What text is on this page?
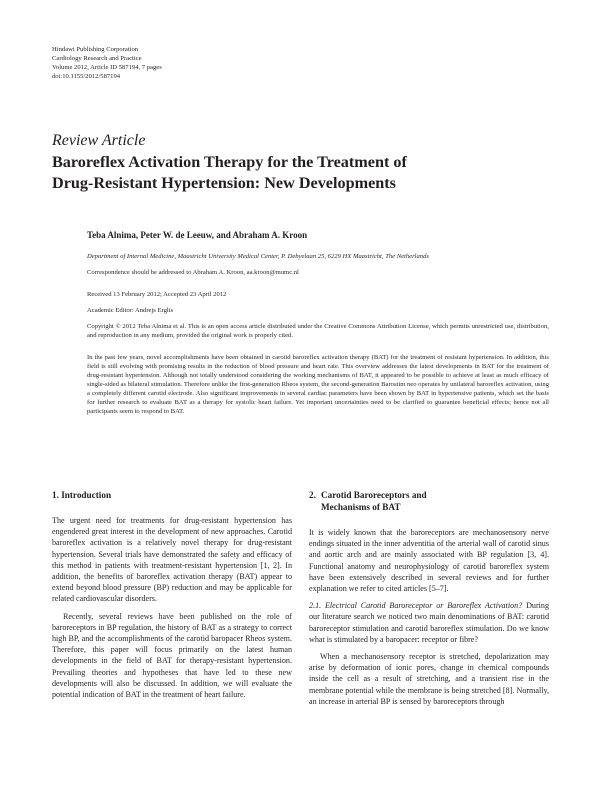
Hindawi Publishing Corporation
Cardiology Research and Practice
Volume 2012, Article ID 587194, 7 pages
doi:10.1155/2012/587194
Review Article
Baroreflex Activation Therapy for the Treatment of
Drug-Resistant Hypertension: New Developments
Teba Alnima, Peter W. de Leeuw, and Abraham A. Kroon
Department of Internal Medicine, Maastricht University Medical Center, P. Debyelaan 25, 6229 HX Maastricht, The Netherlands
Correspondence should be addressed to Abraham A. Kroon, aa.kroon@mumc.nl
Received 13 February 2012; Accepted 23 April 2012
Academic Editor: Andrejs Erglis
Copyright © 2012 Teba Alnima et al. This is an open access article distributed under the Creative Commons Attribution License, which permits unrestricted use, distribution, and reproduction in any medium, provided the original work is properly cited.
In the past few years, novel accomplishments have been obtained in carotid baroreflex activation therapy (BAT) for the treatment of resistant hypertension. In addition, this field is still evolving with promising results in the reduction of blood pressure and heart rate. This overview addresses the latest developments in BAT for the treatment of drug-resistant hypertension. Although not totally understood considering the working mechanisms of BAT, it appeared to be possible to achieve at least as much efficacy of single-sided as bilateral stimulation. Therefore unlike the first-generation Rheos system, the second-generation Barostim neo operates by unilateral baroreflex activation, using a completely different carotid electrode. Also significant improvements in several cardiac parameters have been shown by BAT in hypertensive patients, which set the basis for further research to evaluate BAT as a therapy for systolic heart failure. Yet important uncertainties need to be clarified to guarantee beneficial effects; hence not all participants seem to respond to BAT.
1. Introduction

The urgent need for treatments for drug-resistant hypertension has engendered great interest in the development of new approaches. Carotid baroreflex activation is a relatively novel therapy for drug-resistant hypertension. Several trials have demonstrated the safety and efficacy of this method in patients with treatment-resistant hypertension [1, 2]. In addition, the benefits of baroreflex activation therapy (BAT) appear to extend beyond blood pressure (BP) reduction and may be applicable for related cardiovascular disorders.

Recently, several reviews have been published on the role of baroreceptors in BP regulation, the history of BAT as a strategy to correct high BP, and the accomplishments of the carotid baropacer Rheos system. Therefore, this paper will focus primarily on the latest human developments in the field of BAT for therapy-resistant hypertension. Prevailing theories and hypotheses that have led to these new developments will also be discussed. In addition, we will evaluate the potential indication of BAT in the treatment of heart failure.

2. Carotid Baroreceptors and
Mechanisms of BAT

It is widely known that the baroreceptors are mechanosensory nerve endings situated in the inner adventitia of the arterial wall of carotid sinus and aortic arch and are mainly associated with BP regulation [3, 4]. Functional anatomy and neurophysiology of carotid baroreflex system have been extensively described in several reviews and for further explanation we refer to cited articles [5–7].

2.1. Electrical Carotid Baroreceptor or Baroreflex Activation? During our literature search we noticed two main denominations of BAT: carotid baroreceptor stimulation and carotid baroreflex stimulation. Do we know what is stimulated by a baropacer: receptor or fibre?

When a mechanosensory receptor is stretched, depolarization may arise by deformation of ionic pores, change in chemical compounds inside the cell as a result of stretching, and a transient rise in the membrane potential while the membrane is being stretched [8]. Normally, an increase in arterial BP is sensed by baroreceptors through
